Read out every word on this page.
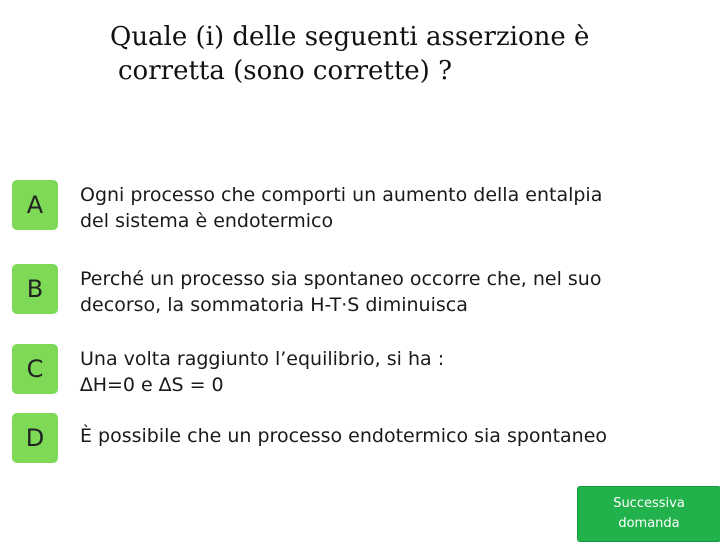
Quale (i) delle seguenti asserzione è
corretta (sono corrette) ?
A	Ogni processo che comporti un aumento della entalpia
del sistema è endotermico
B	Perché un processo sia spontaneo occorre che, nel suo
decorso, la sommatoria H-T·S diminuisca
C	Una volta raggiunto l’equilibrio, si ha :
∆H=0 e ∆S = 0
D	È possibile che un processo endotermico sia spontaneo
Successiva
domanda
